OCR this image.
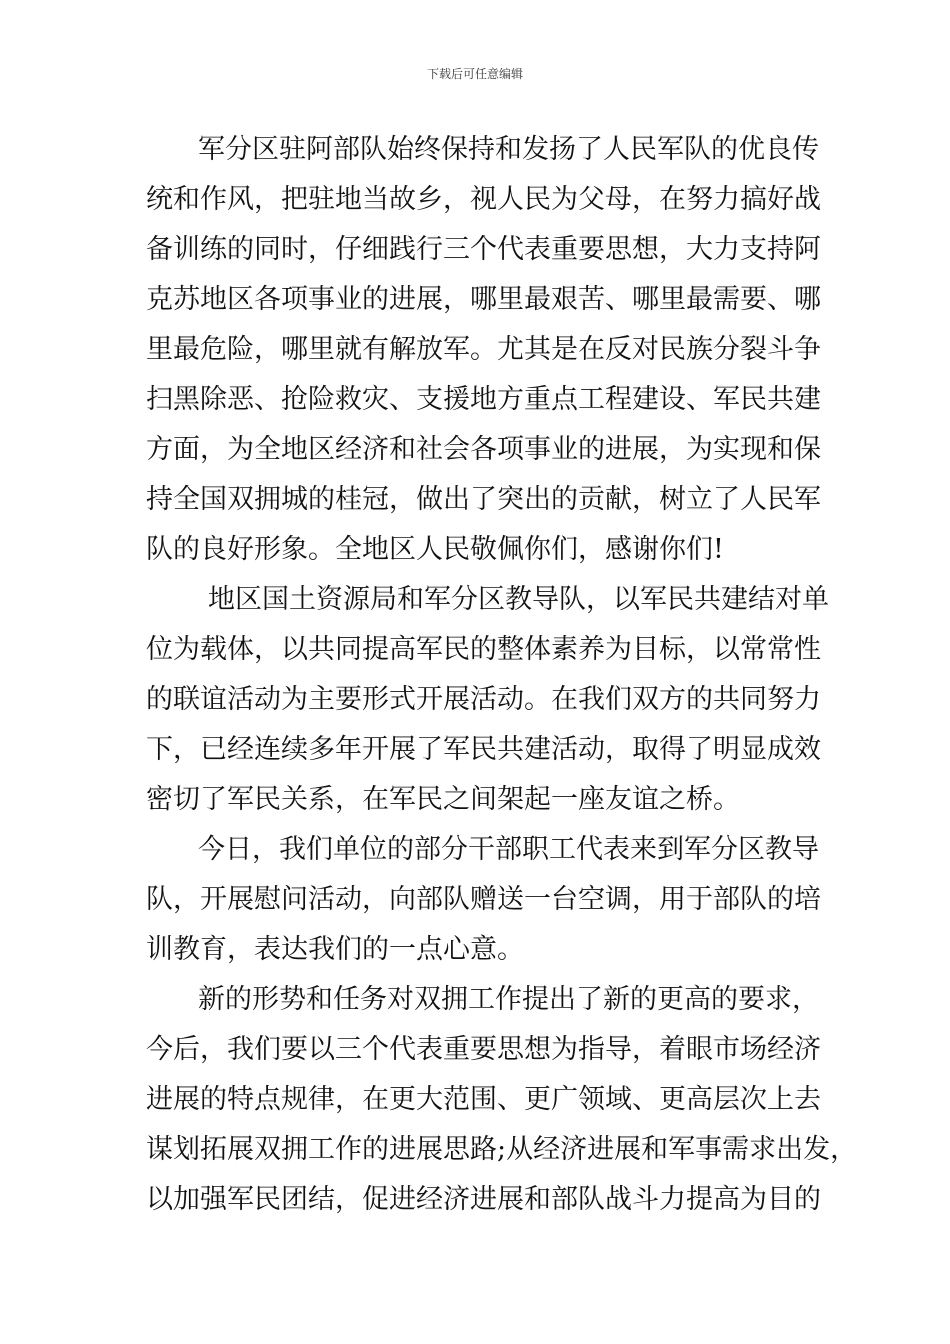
下载后可任意编辑
军分区驻阿部队始终保持和发扬了人民军队的优良传
统和作风，把驻地当故乡，视人民为父母，在努力搞好战
备训练的同时，仔细践行三个代表重要思想，大力支持阿
克苏地区各项事业的进展，哪里最艰苦、哪里最需要、哪
里最危险，哪里就有解放军。尤其是在反对民族分裂斗争
扫黑除恶、抢险救灾、支援地方重点工程建设、军民共建
方面，为全地区经济和社会各项事业的进展，为实现和保
持全国双拥城的桂冠，做出了突出的贡献，树立了人民军
队的良好形象。全地区人民敬佩你们，感谢你们!
地区国土资源局和军分区教导队，以军民共建结对单
位为载体，以共同提高军民的整体素养为目标，以常常性
的联谊活动为主要形式开展活动。在我们双方的共同努力
下，已经连续多年开展了军民共建活动，取得了明显成效
密切了军民关系，在军民之间架起一座友谊之桥。
今日，我们单位的部分干部职工代表来到军分区教导
队，开展慰问活动，向部队赠送一台空调，用于部队的培
训教育，表达我们的一点心意。
新的形势和任务对双拥工作提出了新的更高的要求，
今后，我们要以三个代表重要思想为指导，着眼市场经济
进展的特点规律，在更大范围、更广领域、更高层次上去
谋划拓展双拥工作的进展思路;从经济进展和军事需求出发，
以加强军民团结，促进经济进展和部队战斗力提高为目的
